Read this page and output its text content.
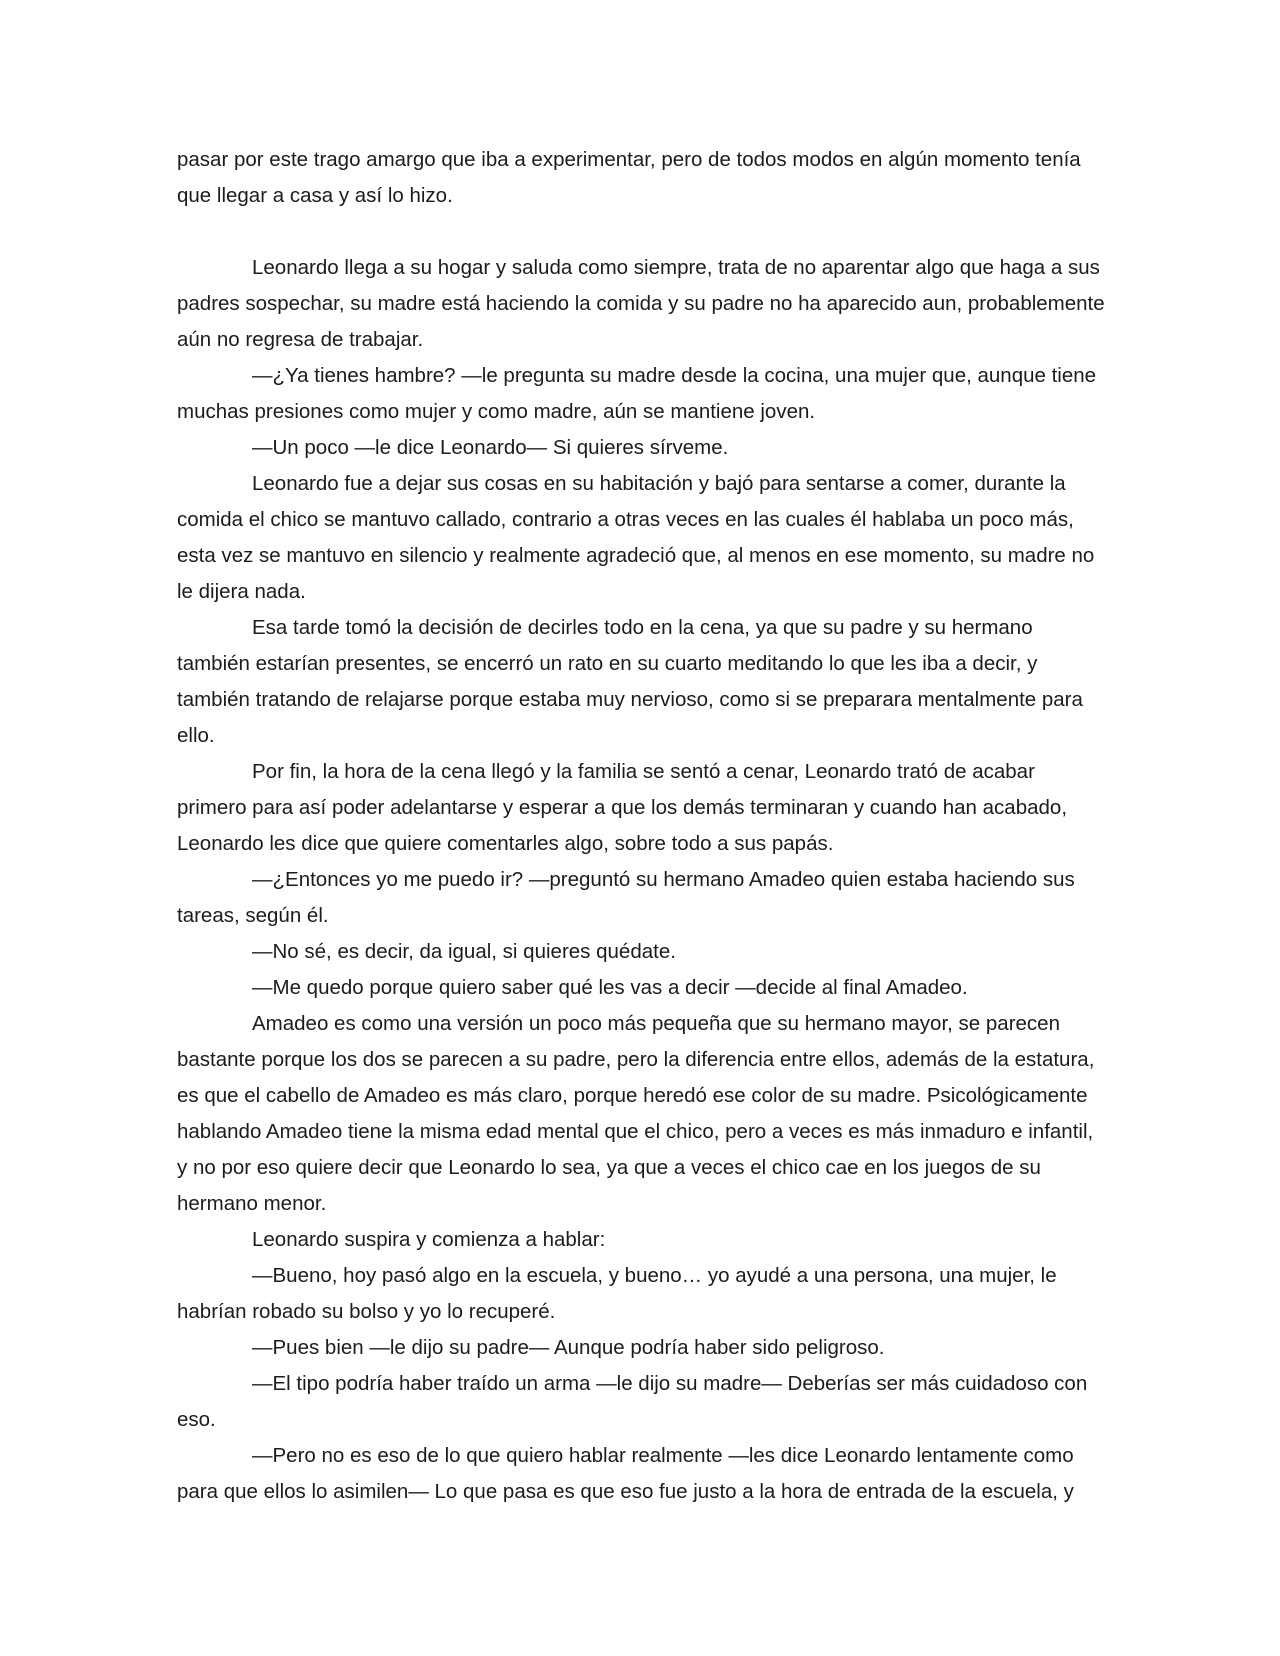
pasar por este trago amargo que iba a experimentar, pero de todos modos en algún momento tenía que llegar a casa y así lo hizo.

Leonardo llega a su hogar y saluda como siempre, trata de no aparentar algo que haga a sus padres sospechar, su madre está haciendo la comida y su padre no ha aparecido aun, probablemente aún no regresa de trabajar.

—¿Ya tienes hambre? —le pregunta su madre desde la cocina, una mujer que, aunque tiene muchas presiones como mujer y como madre, aún se mantiene joven.

—Un poco —le dice Leonardo— Si quieres sírveme.

Leonardo fue a dejar sus cosas en su habitación y bajó para sentarse a comer, durante la comida el chico se mantuvo callado, contrario a otras veces en las cuales él hablaba un poco más, esta vez se mantuvo en silencio y realmente agradeció que, al menos en ese momento, su madre no le dijera nada.

Esa tarde tomó la decisión de decirles todo en la cena, ya que su padre y su hermano también estarían presentes, se encerró un rato en su cuarto meditando lo que les iba a decir, y también tratando de relajarse porque estaba muy nervioso, como si se preparara mentalmente para ello.

Por fin, la hora de la cena llegó y la familia se sentó a cenar, Leonardo trató de acabar primero para así poder adelantarse y esperar a que los demás terminaran y cuando han acabado, Leonardo les dice que quiere comentarles algo, sobre todo a sus papás.

—¿Entonces yo me puedo ir? —preguntó su hermano Amadeo quien estaba haciendo sus tareas, según él.

—No sé, es decir, da igual, si quieres quédate.

—Me quedo porque quiero saber qué les vas a decir —decide al final Amadeo.

Amadeo es como una versión un poco más pequeña que su hermano mayor, se parecen bastante porque los dos se parecen a su padre, pero la diferencia entre ellos, además de la estatura, es que el cabello de Amadeo es más claro, porque heredó ese color de su madre. Psicológicamente hablando Amadeo tiene la misma edad mental que el chico, pero a veces es más inmaduro e infantil, y no por eso quiere decir que Leonardo lo sea, ya que a veces el chico cae en los juegos de su hermano menor.

Leonardo suspira y comienza a hablar:

—Bueno, hoy pasó algo en la escuela, y bueno… yo ayudé a una persona, una mujer, le habrían robado su bolso y yo lo recuperé.

—Pues bien —le dijo su padre— Aunque podría haber sido peligroso.

—El tipo podría haber traído un arma —le dijo su madre— Deberías ser más cuidadoso con eso.

—Pero no es eso de lo que quiero hablar realmente —les dice Leonardo lentamente como para que ellos lo asimilen— Lo que pasa es que eso fue justo a la hora de entrada de la escuela, y
